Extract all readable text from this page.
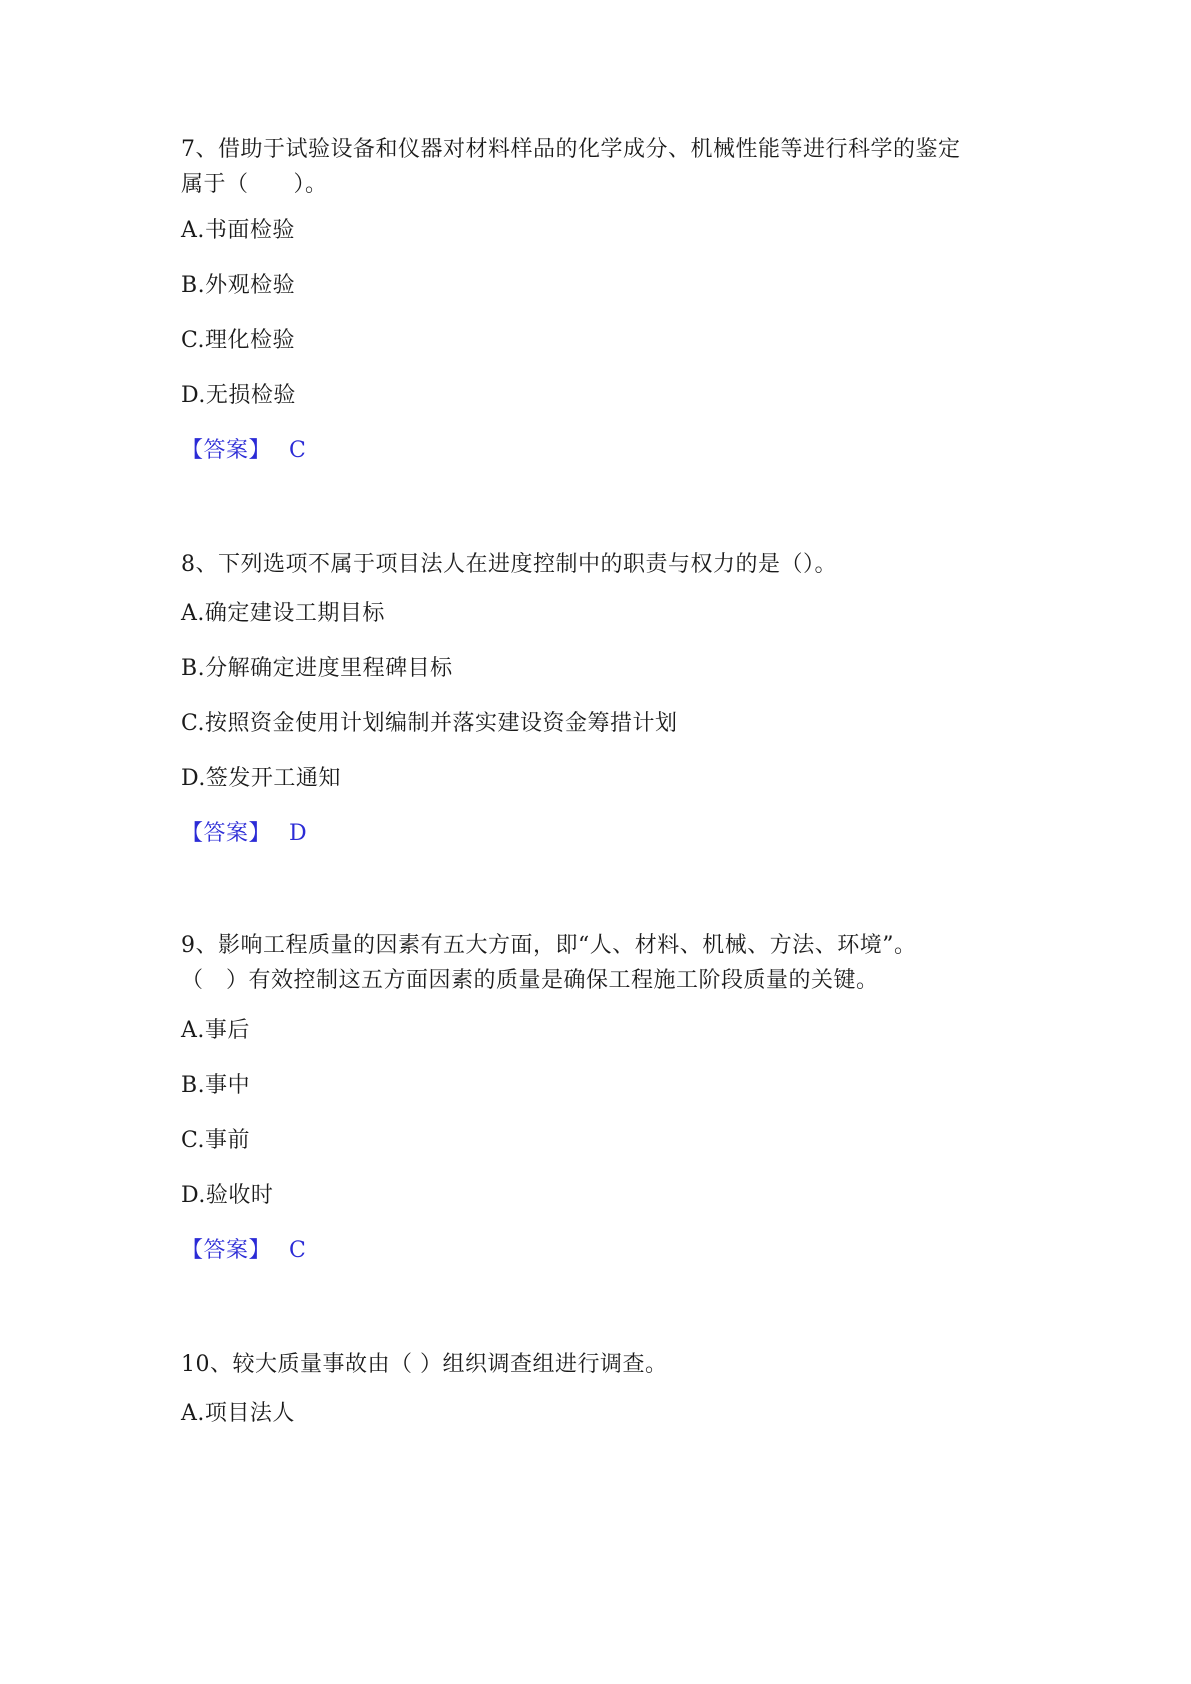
7、借助于试验设备和仪器对材料样品的化学成分、机械性能等进行科学的鉴定

属于（　　）。

A.书面检验

B.外观检验

C.理化检验

D.无损检验

【答案】 C

8、下列选项不属于项目法人在进度控制中的职责与权力的是（）。

A.确定建设工期目标

B.分解确定进度里程碑目标

C.按照资金使用计划编制并落实建设资金筹措计划

D.签发开工通知

【答案】 D

9、影响工程质量的因素有五大方面，即“人、材料、机械、方法、环境”。

（　）有效控制这五方面因素的质量是确保工程施工阶段质量的关键。

A.事后

B.事中

C.事前

D.验收时

【答案】 C

10、较大质量事故由（ ）组织调查组进行调查。

A.项目法人
